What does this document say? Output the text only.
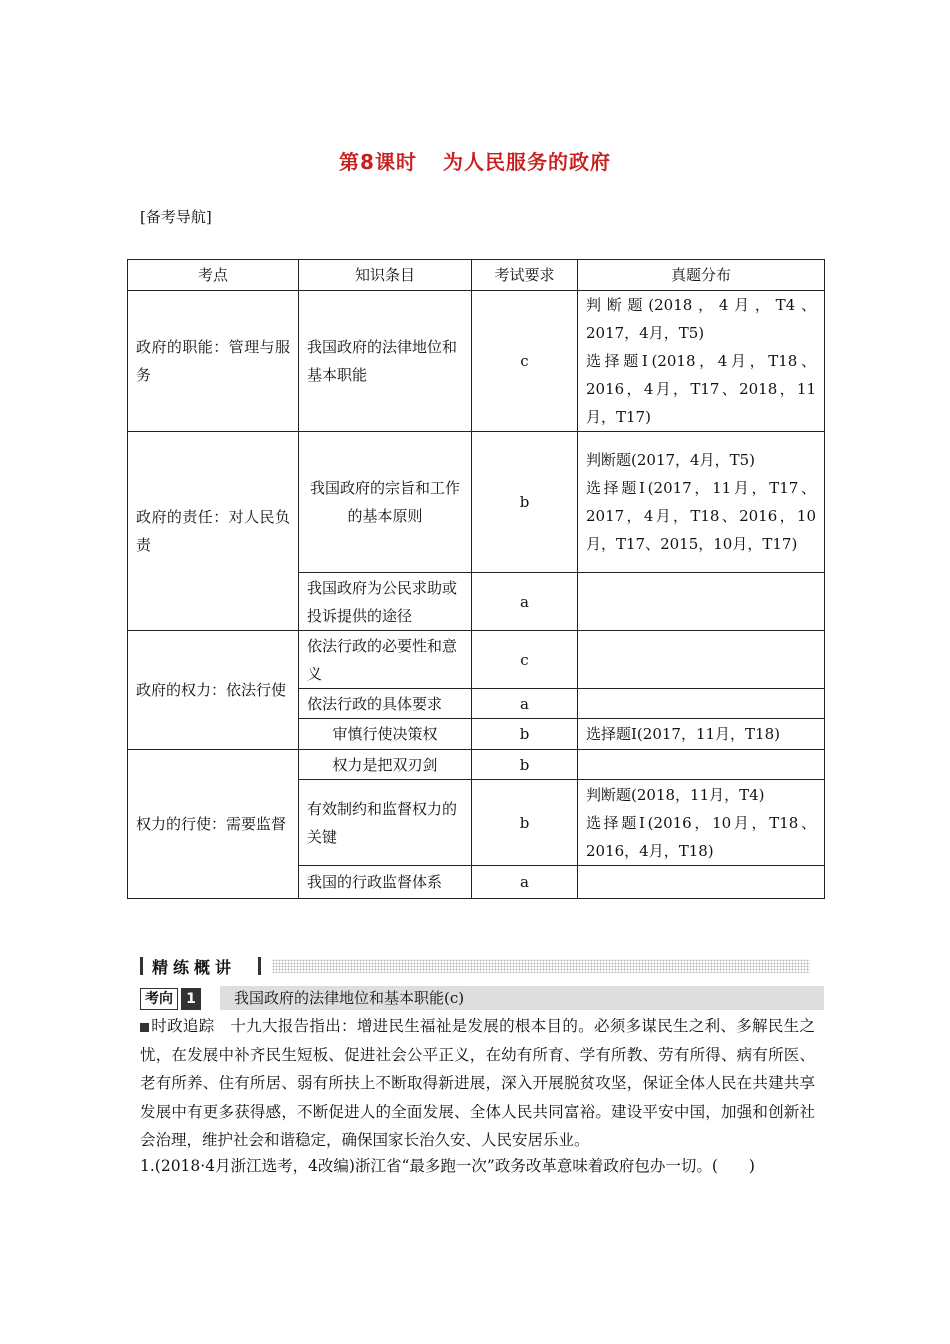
第8课时 为人民服务的政府
[备考导航]
考点	知识条目	考试要求	真题分布
政府的职能：管理与服务	我国政府的法律地位和基本职能	c	判断题(2018，4月，T4、2017，4月，T5)
选择题Ⅰ(2018，4月，T18、2016，4月，T17、2018，11月，T17)

政府的责任：对人民负责	我国政府的宗旨和工作的基本原则	b	判断题(2017，4月，T5)
选择题Ⅰ(2017，11月，T17、2017，4月，T18、2016，10月，T17、2015，10月，T17)

	我国政府为公民求助或投诉提供的途径	a	
政府的权力：依法行使	依法行政的必要性和意义	c	
	依法行政的具体要求	a	
	审慎行使决策权	b	选择题Ⅰ(2017，11月，T18)

权力的行使：需要监督	权力是把双刃剑	b	
	有效制约和监督权力的关键	b	判断题(2018，11月，T4)
选择题Ⅰ(2016，10月，T18、2016，4月，T18)

	我国的行政监督体系	a	
精练概讲
考向 1	我国政府的法律地位和基本职能(c)
时政追踪　 十九大报告指出：增进民生福祉是发展的根本目的。必须多谋民生之利、多解民生之忧，在发展中补齐民生短板、促进社会公平正义，在幼有所育、学有所教、劳有所得、病有所医、老有所养、住有所居、弱有所扶上不断取得新进展，深入开展脱贫攻坚，保证全体人民在共建共享发展中有更多获得感，不断促进人的全面发展、全体人民共同富裕。建设平安中国，加强和创新社会治理，维护社会和谐稳定，确保国家长治久安、人民安居乐业。
1.(2018·4月浙江选考，4改编)浙江省“最多跑一次”政务改革意味着政府包办一切。(　　)
